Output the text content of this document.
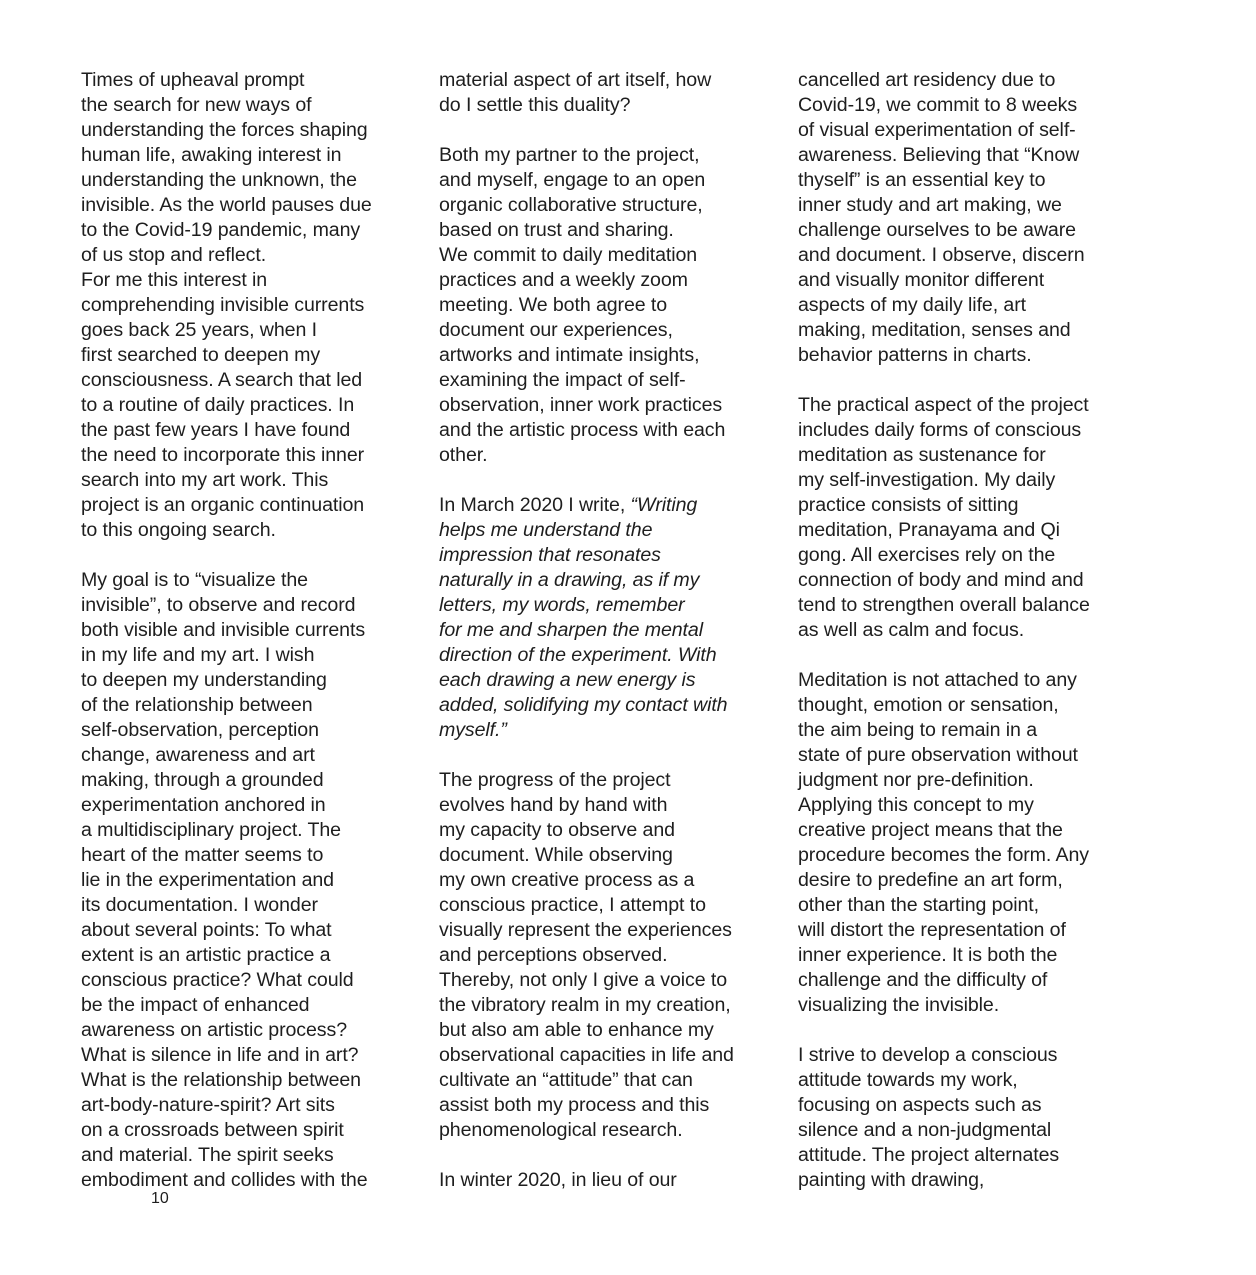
Times of upheaval prompt
the search for new ways of
understanding the forces shaping
human life, awaking interest in
understanding the unknown, the
invisible. As the world pauses due
to the Covid-19 pandemic, many
of us stop and reflect.
For me this interest in
comprehending invisible currents
goes back 25 years, when I
first searched to deepen my
consciousness. A search that led
to a routine of daily practices. In
the past few years I have found
the need to incorporate this inner
search into my art work. This
project is an organic continuation
to this ongoing search.
My goal is to “visualize the
invisible”, to observe and record
both visible and invisible currents
in my life and my art. I wish
to deepen my understanding
of the relationship between
self-observation, perception
change, awareness and art
making, through a grounded
experimentation anchored in
a multidisciplinary project. The
heart of the matter seems to
lie in the experimentation and
its documentation. I wonder
about several points: To what
extent is an artistic practice a
conscious practice? What could
be the impact of enhanced
awareness on artistic process?
What is silence in life and in art?
What is the relationship between
art-body-nature-spirit? Art sits
on a crossroads between spirit
and material. The spirit seeks
embodiment and collides with the
material aspect of art itself, how
do I settle this duality?
Both my partner to the project,
and myself, engage to an open
organic collaborative structure,
based on trust and sharing.
We commit to daily meditation
practices and a weekly zoom
meeting. We both agree to
document our experiences,
artworks and intimate insights,
examining the impact of self-
observation, inner work practices
and the artistic process with each
other.
In March 2020 I write, “Writing
helps me understand the
impression that resonates
naturally in a drawing, as if my
letters, my words, remember
for me and sharpen the mental
direction of the experiment. With
each drawing a new energy is
added, solidifying my contact with
myself.”
The progress of the project
evolves hand by hand with
my capacity to observe and
document. While observing
my own creative process as a
conscious practice, I attempt to
visually represent the experiences
and perceptions observed.
Thereby, not only I give a voice to
the vibratory realm in my creation,
but also am able to enhance my
observational capacities in life and
cultivate an “attitude” that can
assist both my process and this
phenomenological research.
In winter 2020, in lieu of our
cancelled art residency due to
Covid-19, we commit to 8 weeks
of visual experimentation of self-
awareness. Believing that “Know
thyself” is an essential key to
inner study and art making, we
challenge ourselves to be aware
and document. I observe, discern
and visually monitor different
aspects of my daily life, art
making, meditation, senses and
behavior patterns in charts.
The practical aspect of the project
includes daily forms of conscious
meditation as sustenance for
my self-investigation. My daily
practice consists of sitting
meditation, Pranayama and Qi
gong. All exercises rely on the
connection of body and mind and
tend to strengthen overall balance
as well as calm and focus.
Meditation is not attached to any
thought, emotion or sensation,
the aim being to remain in a
state of pure observation without
judgment nor pre-definition.
Applying this concept to my
creative project means that the
procedure becomes the form. Any
desire to predefine an art form,
other than the starting point,
will distort the representation of
inner experience. It is both the
challenge and the difficulty of
visualizing the invisible.
I strive to develop a conscious
attitude towards my work,
focusing on aspects such as
silence and a non-judgmental
attitude. The project alternates
painting with drawing,
10
